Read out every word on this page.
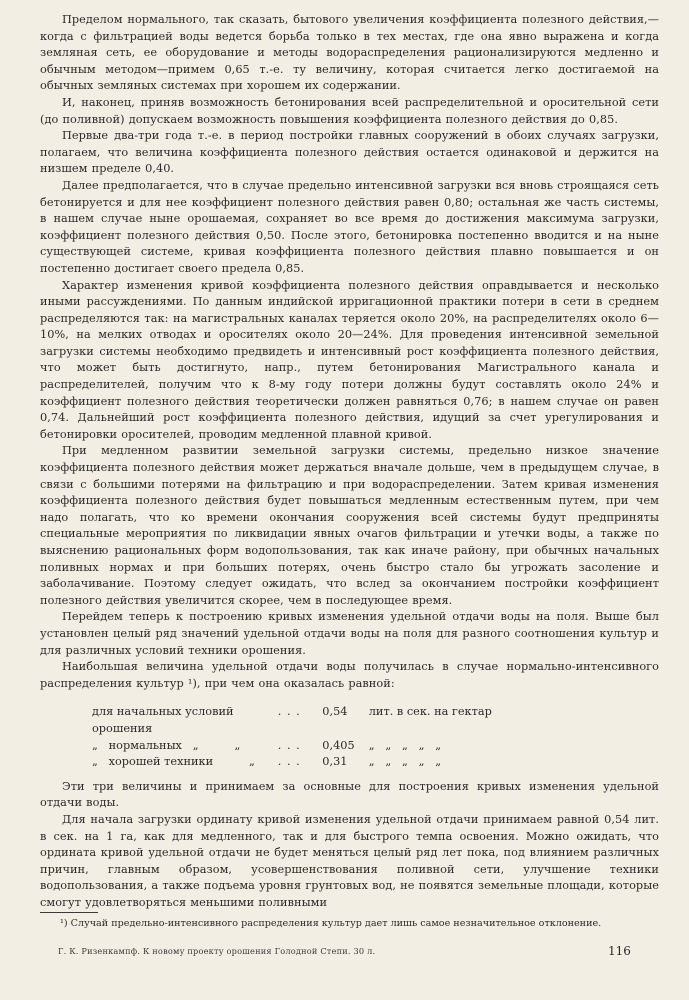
Пределом нормального, так сказать, бытового увеличения коэффициента полезного действия,—когда с фильтрацией воды ведется борьба только в тех местах, где она явно выражена и когда земляная сеть, ее оборудование и методы водораспределения рационализируются медленно и обычным методом—примем 0,65 т.-е. ту величину, которая считается легко достигаемой на обычных земляных системах при хорошем их содержании.

И, наконец, приняв возможность бетонирования всей распределительной и оросительной сети (до поливной) допускаем возможность повышения коэффициента полезного действия до 0,85.

Первые два-три года т.-е. в период постройки главных сооружений в обоих случаях загрузки, полагаем, что величина коэффициента полезного действия остается одинаковой и держится на низшем пределе 0,40.

Далее предполагается, что в случае предельно интенсивной загрузки вся вновь строящаяся сеть бетонируется и для нее коэффициент полезного действия равен 0,80; остальная же часть системы, в нашем случае ныне орошаемая, сохраняет во все время до достижения максимума загрузки, коэффициент полезного действия 0,50. После этого, бетонировка постепенно вводится и на ныне существующей системе, кривая коэффициента полезного действия плавно повышается и он постепенно достигает своего предела 0,85.

Характер изменения кривой коэффициента полезного действия оправдывается и несколько иными рассуждениями. По данным индийской ирригационной практики потери в сети в среднем распределяются так: на магистральных каналах теряется около 20%, на распределителях около 6—10%, на мелких отводах и оросителях около 20—24%. Для проведения интенсивной земельной загрузки системы необходимо предвидеть и интенсивный рост коэффициента полезного действия, что может быть достигнуто, напр., путем бетонирования Магистрального канала и распределителей, получим что к 8-му году потери должны будут составлять около 24% и коэффициент полезного действия теоретически должен равняться 0,76; в нашем случае он равен 0,74. Дальнейший рост коэффициента полезного действия, идущий за счет урегулирования и бетонировки оросителей, проводим медленной плавной кривой.

При медленном развитии земельной загрузки системы, предельно низкое значение коэффициента полезного действия может держаться вначале дольше, чем в предыдущем случае, в связи с большими потерями на фильтрацию и при водораспределении. Затем кривая изменения коэффициента полезного действия будет повышаться медленным естественным путем, при чем надо полагать, что ко времени окончания сооружения всей системы будут предприняты специальные мероприятия по ликвидации явных очагов фильтрации и утечки воды, а также по выяснению рациональных форм водопользования, так как иначе району, при обычных начальных поливных нормах и при больших потерях, очень быстро стало бы угрожать засоление и заболачивание. Поэтому следует ожидать, что вслед за окончанием постройки коэффициент полезного действия увеличится скорее, чем в последующее время.

Перейдем теперь к построению кривых изменения удельной отдачи воды на поля. Выше был установлен целый ряд значений удельной отдачи воды на поля для разного соотношения культур и для различных условий техники орошения.

Наибольшая величина удельной отдачи воды получилась в случае нормально-интенсивного распределения культур ¹), при чем она оказалась равной:

для начальных условий орошения
. . .	0,54	лит. в сек. на гектар
„   нормальных   „          „	. . .	0,405	„   „   „   „   „
„   хорошей техники          „	. . .	0,31	„   „   „   „   „

Эти три величины и принимаем за основные для построения кривых изменения удельной отдачи воды.

Для начала загрузки ординату кривой изменения удельной отдачи принимаем равной 0,54 лит. в сек. на 1 га, как для медленного, так и для быстрого темпа освоения. Можно ожидать, что ордината кривой удельной отдачи не будет меняться целый ряд лет пока, под влиянием различных причин, главным образом, усовершенствования поливной сети, улучшение техники водопользования, а также подъема уровня грунтовых вод, не появятся земельные площади, которые смогут удовлетворяться меньшими поливными

¹) Случай предельно-интенсивного распределения культур дает лишь самое незначительное отклонение.
Г. К. Ризенкампф. К новому проекту орошения Голодной Степи. 30 л.	116
